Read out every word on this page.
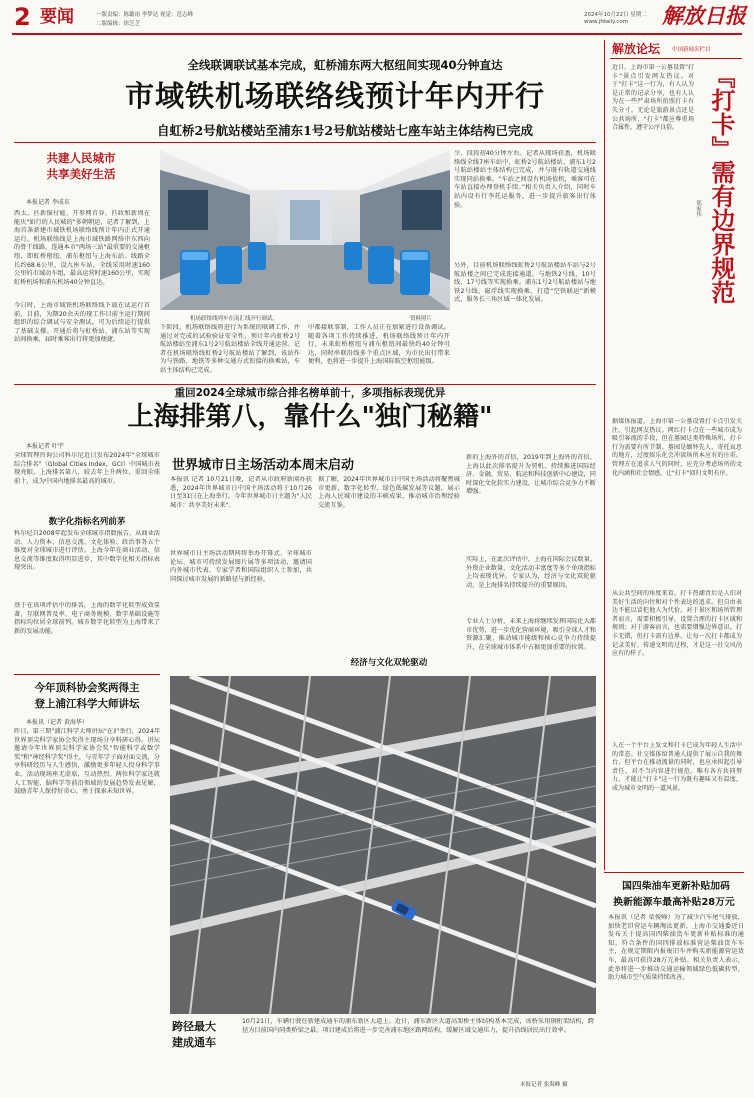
2 要闻	一版责编：陈璐雨 李梦达 视觉：范志峰
二版编辑：徐芝芝
2024年10月22日 星期二
www.jfdaily.com 解放日报
全线联调联试基本完成，虹桥浦东两大枢纽间实现40分钟直达
市域铁机场联络线预计年内开行
自虹桥2号航站楼站至浦东1号2号航站楼站七座车站主体结构已完成
共建人民城市
共享美好生活
本报记者 李成东
西太、匹新锚付能、开参网首谷，匹政和新周在能庆"如行的人民城的"多朝朝运，记者了解到，上海首条新建市域铁机场联络线预计年内正式开通运行。机场联络线是上海市域铁路网络中东西向的骨干线路，连通本市"两场三站"最重要的交通枢纽，即虹桥枢纽、浦东枢纽与上海东站。线路全长约68.6公里，设九座车站，全线采用时速160公里的市域动车组，最高运营时速160公里，实现虹桥机场和浦东机场40分钟直达。
今日时，上海市域铁机场联络线下载在试运行首前，目前，为期20余天的现工作目前主运行期间组织的综合调试与安全测试，可为后续运行提供了基础支撑。开通后将与虹桥站、浦东站等实现站间换乘，届时乘客出行将更加便捷。
机场联络线列车在南汇线开行调试。	资料照片
下阶段，机场联络线将进行为系统的联调工作，并通过对完成的试验验证安全性，预计年内虹桥2号航站楼站至浦东1号2号航站楼站全线开通运营。记者在机场联络线虹桥2号航站楼站了解到，该站作为与铁路、地铁等多种交通方式衔接的换乘站，车站主体结构已完成。
中都接联事制，工作人员正在加紧进行设备调试。随着各项工作持续推进，机场联络线预计年内开行，未来虹桥枢纽与浦东枢纽间最快约40分钟可达，同时串联沿线多个重点区域，为市民出行带来便利，也将进一步提升上海国际航空枢纽能级。
少、段段初40分钟左右。记者从现场获悉，机场联络线全线7座车站中，虹桥2号航站楼站、浦东1号2号航站楼站主体结构已完成，并与既有轨道交通线实现同站换乘。“车站之间设有机场值机，乘客可在车站直接办理登机手续。”相关负责人介绍，同时车站内设有行李托运服务，进一步提升旅客出行体验。
另外，目前机场联络线虹桥2号航站楼站车站与2号航站楼之间已完成连接通道，与地铁2号线、10号线、17号线等实现换乘。浦东1号2号航站楼站与地铁2号线、磁浮线实现换乘，打造“空铁联运”新模式，服务长三角区域一体化发展。
重回2024全球城市综合排名榜单前十，多项指标表现优异
上海排第八，靠什么"独门秘籍"
本报记者 叶宇
全球管理咨询公司科尔尼近日发布2024年"全球城市综合排名"（Global Cities Index，GCI）中国城市表现亮眼。上海排名第八，较去年上升两位，重回全球前十，成为中国内地排名最高的城市。
数字化指标名列前茅
科尔尼自2008年起发布全球城市指数报告，从商业活动、人力资本、信息交流、文化体验、政治事务五个维度对全球城市进行评估。上海今年在商业活动、信息交流等维度取得明显进步，其中数字化相关指标表现突出。
基于在该项评估中的排名，上海的数字化转型成效显著，互联网普及率、电子商务规模、数字基础设施等指标均位居全球前列。城市数字化转型为上海带来了新的发展动能。
世界城市日主场活动本周末启动
本报讯 记者 10月21日晚，记者从市政府新闻办获悉，2024年世界城市日中国主场活动将于10月26日至31日在上海举行。今年世界城市日主题为"人民城市：共享美好未来"。
世界城市日主场活动期间将举办开幕式、全球城市论坛、城市可持续发展图片展等多项活动，邀请国内外城市代表、专家学者和国际组织人士参加，共同探讨城市发展的新路径与新经验。
据了解，2024年世界城市日中国主场活动将聚焦城市更新、数字化转型、绿色低碳发展等议题，展示上海人民城市建设的丰硕成果，推动城市治理经验交流互鉴。
新的上海外的首倍，2019年到上海外的首倍，上海以此次排名提升为契机，持续推进国际经济、金融、贸易、航运和科技创新中心建设，同时深化文化软实力建设，让城市综合竞争力不断增强。
经济与文化双轮驱动
实际上，在此次评估中，上海在国际会议数量、外资企业数量、文化活动丰富度等多个单项指标上均表现优异。专家认为，经济与文化双轮驱动，是上海排名持续提升的重要原因。
专业人士分析，未来上海将继续发挥国际化大都市优势，进一步优化营商环境，吸引全球人才和资源汇聚，推动城市能级和核心竞争力持续提升，在全球城市体系中占据更加重要的位置。
今年顶科协会奖两得主
登上浦江科学大师讲坛
本报讯（记者 黄海华）
昨日，第三期"浦江科学大师讲坛"在沪举行，2024年世界顶尖科学家协会奖得主现场分享科研心得。讲坛邀请今年世界顶尖科学家协会奖"智能科学或数学奖"和"神经科学奖"得主，与青年学子面对面交流，分享科研经历与人生感悟，激励更多年轻人投身科学事业。活动现场座无虚席，互动热烈。两位科学家还就人工智能、脑科学等前沿领域的发展趋势发表见解，鼓励青年人保持好奇心，勇于探索未知世界。
跨径最大
建成通车
10月21日，车辆行驶在新建成通车的浦东新区大道上。近日，浦东新区大道高架桥主体结构基本完成，该桥采用钢桁架结构，跨径为目前国内同类桥梁之最。项目建成后将进一步完善浦东地区路网结构，缓解区域交通压力，提升沿线居民出行效率。
本报记者 张海峰 摄
解放论坛 中国新闻名栏目
近日，上海市第一公墓设置"打卡"景点引发网友热议。对于"打卡"这一行为，有人认为是正常的记录分享，也有人认为在一些严肃场所拍照打卡有失分寸。无论是旅游景点还是公共场所，"打卡"都应尊重场合属性，遵守公序良俗。	『打卡』
需有边界规范
郑家伟
据媒体报道，上海市第一公墓设置打卡点引发关注，引起网友热议。网红打卡点在一些城市成为吸引客流的手段，但在墓园这类特殊场所，打卡行为需要有所节制。墓园是缅怀先人、寄托哀思的地方，过度娱乐化会冲淡场所本应有的庄重。管理方在追求人气的同时，应充分考虑场所的文化内涵和社会情感，让"打卡"回归文明有序。
从公共空间的角度来看，打卡热潮背后是人们对美好生活的向往和对个性表达的追求。但自由表达不能以冒犯他人为代价。对于景区和场所管理者而言，需要积极引导，设置合理的打卡区域和规则；对于游客而言，也需要增强边界意识。打卡无错，但打卡需有边界。让每一次打卡都成为记录美好、传递文明的过程，才是这一社交风尚应有的样子。
人在一个平台上发文和打卡已成为年轻人生活中的常态。社交媒体给普通人提供了展示自我的舞台，但平台在推动流量的同时，也应承担起引导责任，对不当内容进行规范。唯有各方共同努力，才能让"打卡"这一行为既有趣味又有温度，成为城市文明的一道风景。
国四柴油车更新补贴加码
换新能源车最高补贴28万元
本报讯（记者 栗俊峰）为了减少汽车尾气排放，加快老旧营运车辆淘汰更新，上海市交通委近日发布关于提高国四柴油货车更新补贴标准的通知。符合条件的国四排放标准营运柴油货车车主，在规定期限内报废旧车并购买新能源营运货车，最高可获得28万元补贴。相关负责人表示，此举将进一步推动交通运输领域绿色低碳转型，助力城市空气质量持续改善。
